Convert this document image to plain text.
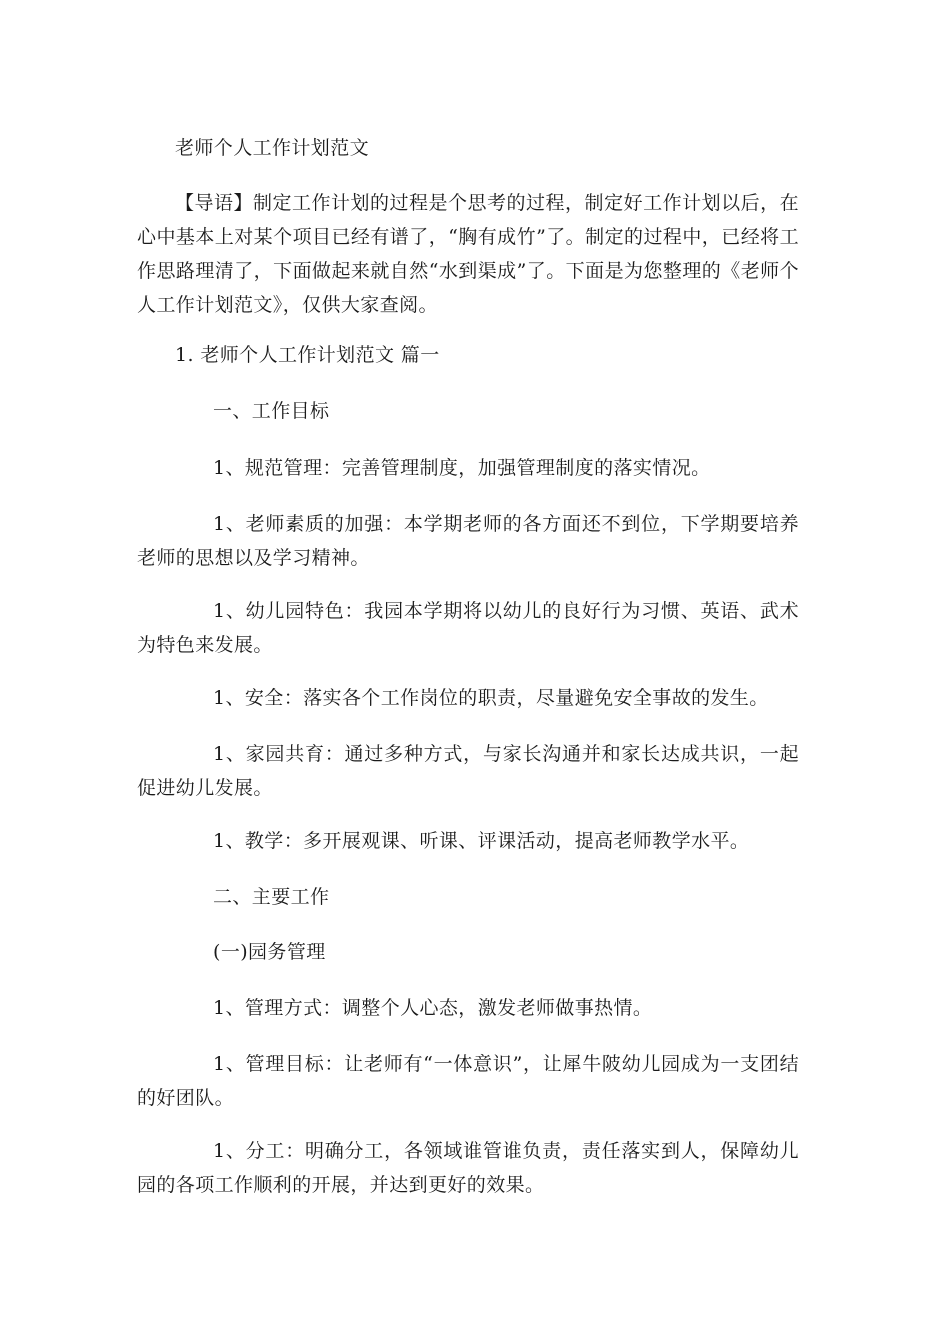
老师个人工作计划范文

【导语】制定工作计划的过程是个思考的过程，制定好工作计划以后，在心中基本上对某个项目已经有谱了，“胸有成竹”了。制定的过程中，已经将工作思路理清了，下面做起来就自然“水到渠成”了。下面是为您整理的《老师个人工作计划范文》，仅供大家查阅。

1. 老师个人工作计划范文 篇一

一、工作目标

1、规范管理：完善管理制度，加强管理制度的落实情况。

1、老师素质的加强：本学期老师的各方面还不到位，下学期要培养老师的思想以及学习精神。

1、幼儿园特色：我园本学期将以幼儿的良好行为习惯、英语、武术为特色来发展。

1、安全：落实各个工作岗位的职责，尽量避免安全事故的发生。

1、家园共育：通过多种方式，与家长沟通并和家长达成共识，一起促进幼儿发展。

1、教学：多开展观课、听课、评课活动，提高老师教学水平。

二、主要工作

(一)园务管理

1、管理方式：调整个人心态，激发老师做事热情。

1、管理目标：让老师有“一体意识”，让犀牛陂幼儿园成为一支团结的好团队。

1、分工：明确分工，各领域谁管谁负责，责任落实到人，保障幼儿园的各项工作顺利的开展，并达到更好的效果。
